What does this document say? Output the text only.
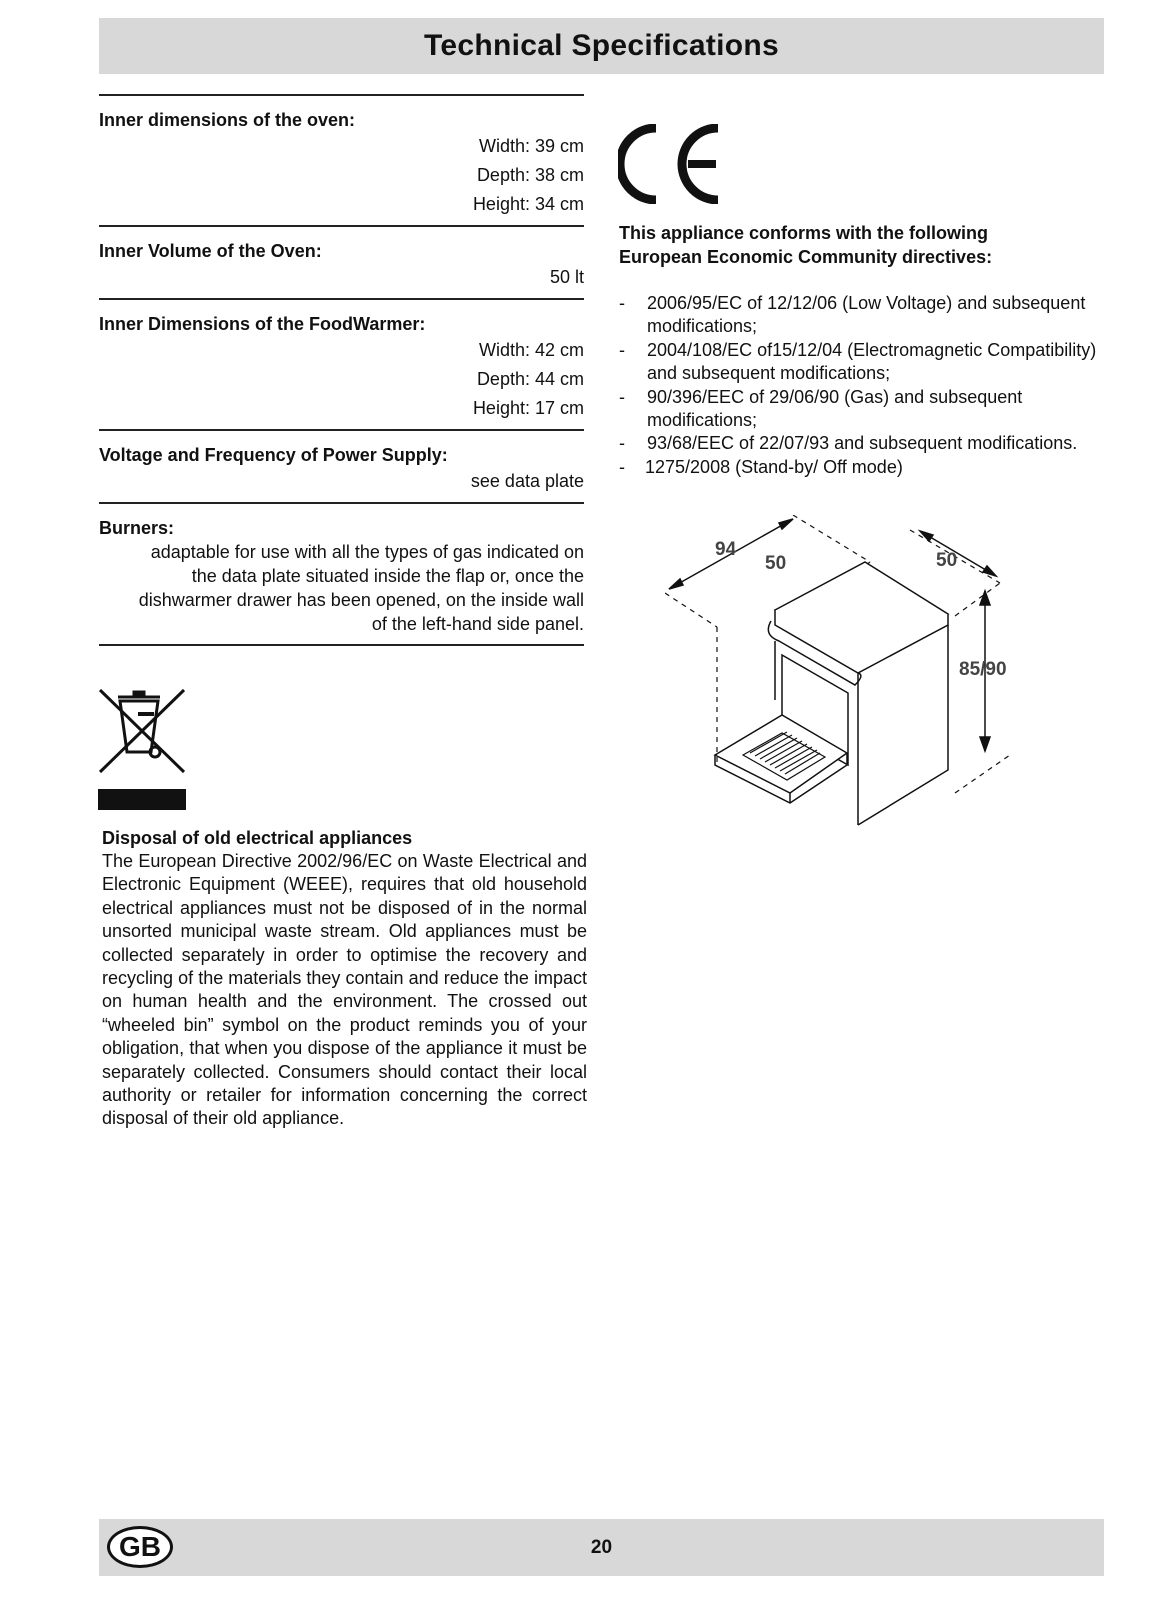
Technical Specifications
Inner dimensions of the oven:
Width: 39 cm
Depth: 38 cm
Height: 34 cm
Inner Volume of the Oven:
50 lt
Inner Dimensions of the FoodWarmer:
Width: 42 cm
Depth: 44 cm
Height: 17 cm
Voltage and Frequency of Power Supply:
see data plate
Burners:
adaptable for use with all the types of gas indicated on
the data plate situated inside the flap or, once the
dishwarmer drawer has been opened, on the inside wall
of the left-hand side panel.
Disposal of old electrical appliances

The European Directive 2002/96/EC on Waste Electrical and Electronic Equipment (WEEE), requires that old household electrical appliances must not be disposed of in the normal unsorted municipal waste stream. Old appliances must be collected separately in order to optimise the recovery and recycling of the materials they contain and reduce the impact on human health and the environment. The crossed out “wheeled bin” symbol on the product reminds you of your obligation, that when you dispose of the appliance it must be separately collected. Consumers should contact their local authority or retailer for information concerning the correct disposal of their old appliance.

This appliance conforms with the following
European Economic Community directives:
- 2006/95/EC of 12/12/06 (Low Voltage) and subsequent modifications;
- 2004/108/EC of15/12/04 (Electromagnetic Compatibility) and subsequent modifications;
- 90/396/EEC of 29/06/90 (Gas) and subsequent modifications;
- 93/68/EEC of 22/07/93 and subsequent modifications.
- 1275/2008 (Stand-by/ Off mode)
94
50	50
85/90
GB	20
